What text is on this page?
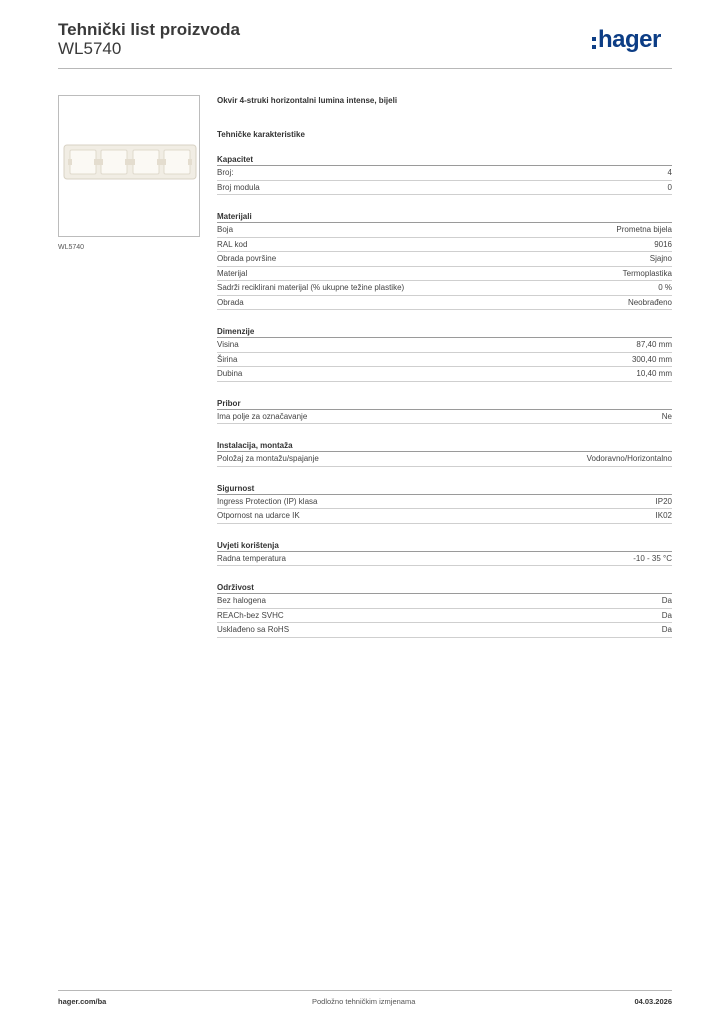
Tehnički list proizvoda
WL5740	hager
WL5740
Okvir 4-struki horizontalni lumina intense, bijeli
Tehničke karakteristike
Kapacitet
Broj:	4
Broj modula	0
Materijali
Boja	Prometna bijela
RAL kod	9016
Obrada površine	Sjajno
Materijal	Termoplastika
Sadrži reciklirani materijal (% ukupne težine plastike)	0 %
Obrada	Neobrađeno
Dimenzije
Visina	87,40 mm
Širina	300,40 mm
Dubina	10,40 mm
Pribor
Ima polje za označavanje	Ne
Instalacija, montaža
Položaj za montažu/spajanje	Vodoravno/Horizontalno
Sigurnost
Ingress Protection (IP) klasa	IP20
Otpornost na udarce IK	IK02
Uvjeti korištenja
Radna temperatura	-10 - 35 °C
Održivost
Bez halogena	Da
REACh-bez SVHC	Da
Usklađeno sa RoHS	Da
hager.com/ba	Podložno tehničkim izmjenama	04.03.2026
